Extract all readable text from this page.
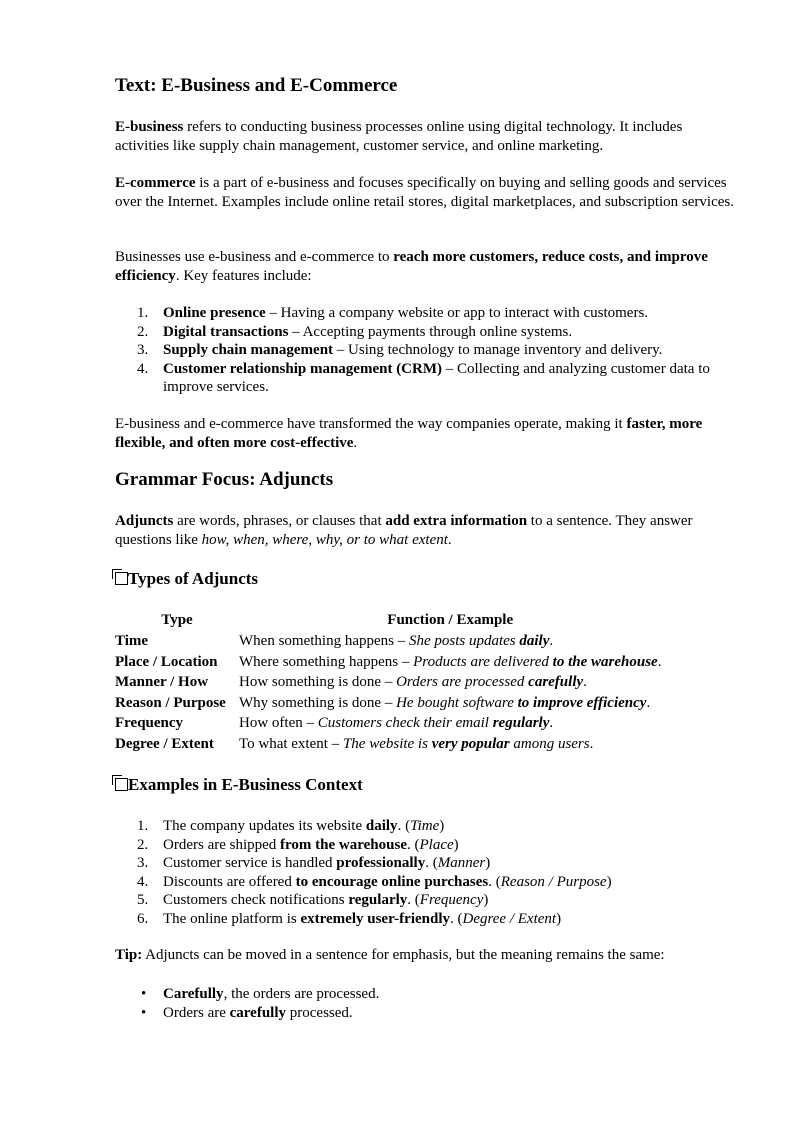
Text: E-Business and E-Commerce

E-business refers to conducting business processes online using digital technology. It includes activities like supply chain management, customer service, and online marketing.

E-commerce is a part of e-business and focuses specifically on buying and selling goods and services over the Internet. Examples include online retail stores, digital marketplaces, and subscription services.

Businesses use e-business and e-commerce to reach more customers, reduce costs, and improve efficiency. Key features include:

1. Online presence – Having a company website or app to interact with customers.
2. Digital transactions – Accepting payments through online systems.
3. Supply chain management – Using technology to manage inventory and delivery.
4. Customer relationship management (CRM) – Collecting and analyzing customer data to improve services.

E-business and e-commerce have transformed the way companies operate, making it faster, more flexible, and often more cost-effective.

Grammar Focus: Adjuncts

Adjuncts are words, phrases, or clauses that add extra information to a sentence. They answer questions like how, when, where, why, or to what extent.

Types of Adjuncts
Type	Function / Example
Time	When something happens – She posts updates daily.
Place / Location	Where something happens – Products are delivered to the warehouse.
Manner / How	How something is done – Orders are processed carefully.
Reason / Purpose	Why something is done – He bought software to improve efficiency.
Frequency	How often – Customers check their email regularly.
Degree / Extent	To what extent – The website is very popular among users.
Examples in E-Business Context
1. The company updates its website daily. (Time)
2. Orders are shipped from the warehouse. (Place)
3. Customer service is handled professionally. (Manner)
4. Discounts are offered to encourage online purchases. (Reason / Purpose)
5. Customers check notifications regularly. (Frequency)
6. The online platform is extremely user-friendly. (Degree / Extent)

Tip: Adjuncts can be moved in a sentence for emphasis, but the meaning remains the same:

• Carefully, the orders are processed.
• Orders are carefully processed.
